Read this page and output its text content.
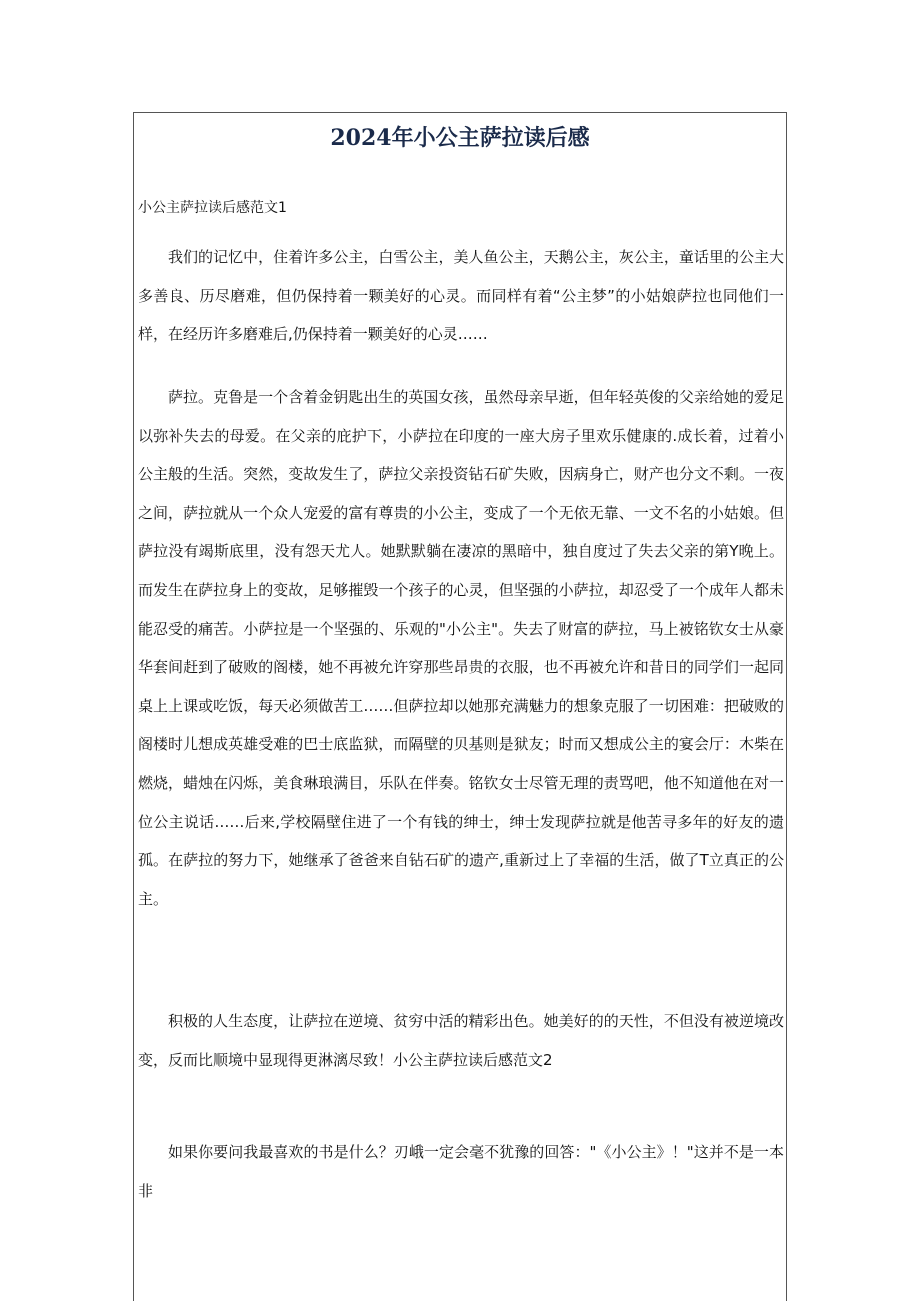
2024年小公主萨拉读后感

小公主萨拉读后感范文1

我们的记忆中，住着许多公主，白雪公主，美人鱼公主，天鹅公主，灰公主，童话里的公主大多善良、历尽磨难，但仍保持着一颗美好的心灵。而同样有着“公主梦”的小姑娘萨拉也同他们一样，在经历许多磨难后,仍保持着一颗美好的心灵……

萨拉。克鲁是一个含着金钥匙出生的英国女孩，虽然母亲早逝，但年轻英俊的父亲给她的爱足以弥补失去的母爱。在父亲的庇护下，小萨拉在印度的一座大房子里欢乐健康的.成长着，过着小公主般的生活。突然，变故发生了，萨拉父亲投资钻石矿失败，因病身亡，财产也分文不剩。一夜之间，萨拉就从一个众人宠爱的富有尊贵的小公主，变成了一个无依无靠、一文不名的小姑娘。但萨拉没有竭斯底里，没有怨天尤人。她默默躺在凄凉的黑暗中，独自度过了失去父亲的第Y晚上。而发生在萨拉身上的变故，足够摧毁一个孩子的心灵，但坚强的小萨拉，却忍受了一个成年人都未能忍受的痛苦。小萨拉是一个坚强的、乐观的"小公主"。失去了财富的萨拉，马上被铭钦女士从豪华套间赶到了破败的阁楼，她不再被允许穿那些昂贵的衣服，也不再被允许和昔日的同学们一起同桌上上课或吃饭，每天必须做苦工……但萨拉却以她那充满魅力的想象克服了一切困难：把破败的阁楼时儿想成英雄受难的巴士底监狱，而隔壁的贝基则是狱友；时而又想成公主的宴会厅：木柴在燃烧，蜡烛在闪烁，美食琳琅满目，乐队在伴奏。铭钦女士尽管无理的责骂吧，他不知道他在对一位公主说话……后来,学校隔壁住进了一个有钱的绅士，绅士发现萨拉就是他苦寻多年的好友的遗孤。在萨拉的努力下，她继承了爸爸来自钻石矿的遗产,重新过上了幸福的生活，做了T立真正的公主。

积极的人生态度，让萨拉在逆境、贫穷中活的精彩出色。她美好的的天性，不但没有被逆境改变，反而比顺境中显现得更淋漓尽致！小公主萨拉读后感范文2

如果你要问我最喜欢的书是什么？刃峨一定会毫不犹豫的回答："《小公主》！"这并不是一本非
